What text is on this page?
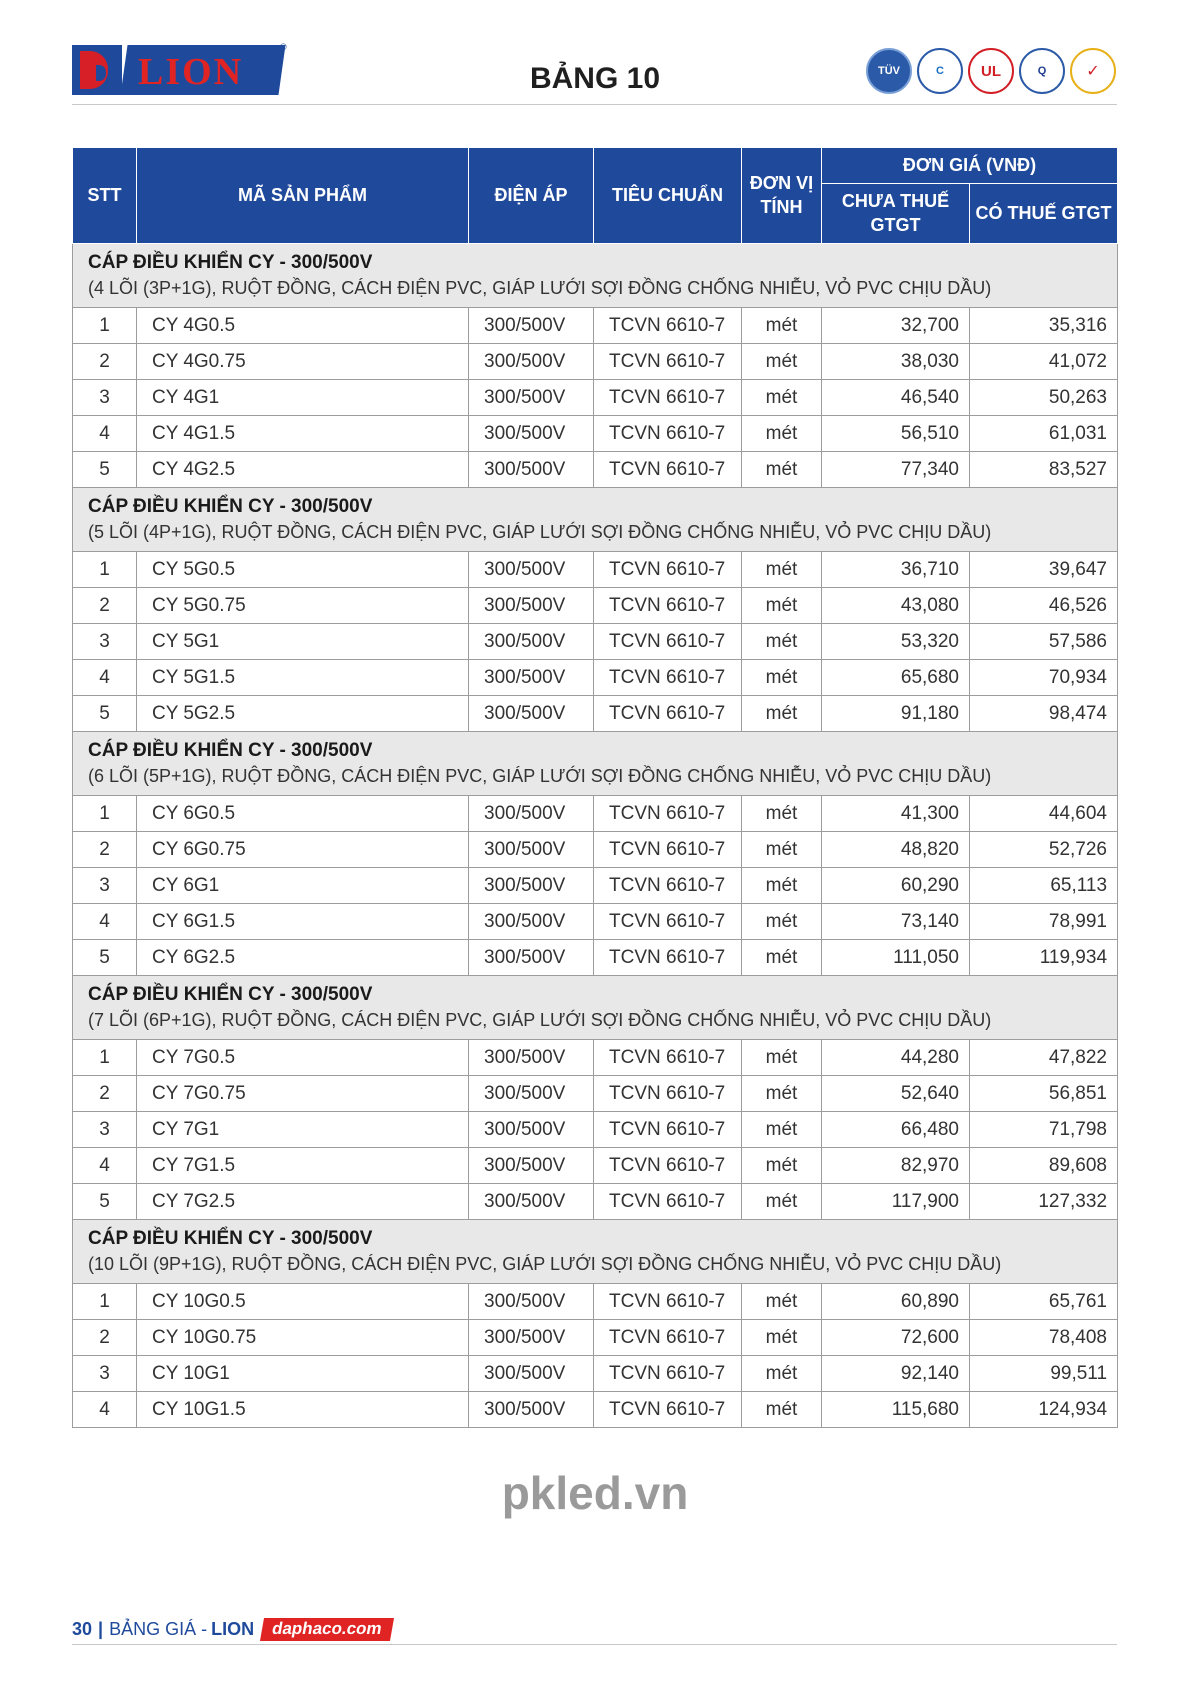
LION
®
BẢNG 10	TÜV	C	UL	Q	✓
STT	MÃ SẢN PHẨM	ĐIỆN ÁP	TIÊU CHUẨN	ĐƠN VỊ TÍNH	ĐƠN GIÁ (VNĐ)	
					CHƯA THUẾ GTGT	CÓ THUẾ GTGT

CÁP ĐIỀU KHIỂN CY - 300/500V
(4 LÕI (3P+1G), RUỘT ĐỒNG, CÁCH ĐIỆN PVC, GIÁP LƯỚI SỢI ĐỒNG CHỐNG NHIỄU, VỎ PVC CHỊU DẦU)						

1	CY 4G0.5	300/500V	TCVN 6610-7	mét	32,700	35,316
2	CY 4G0.75	300/500V	TCVN 6610-7	mét	38,030	41,072
3	CY 4G1	300/500V	TCVN 6610-7	mét	46,540	50,263
4	CY 4G1.5	300/500V	TCVN 6610-7	mét	56,510	61,031
5	CY 4G2.5	300/500V	TCVN 6610-7	mét	77,340	83,527

CÁP ĐIỀU KHIỂN CY - 300/500V
(5 LÕI (4P+1G), RUỘT ĐỒNG, CÁCH ĐIỆN PVC, GIÁP LƯỚI SỢI ĐỒNG CHỐNG NHIỄU, VỎ PVC CHỊU DẦU)						

1	CY 5G0.5	300/500V	TCVN 6610-7	mét	36,710	39,647
2	CY 5G0.75	300/500V	TCVN 6610-7	mét	43,080	46,526
3	CY 5G1	300/500V	TCVN 6610-7	mét	53,320	57,586
4	CY 5G1.5	300/500V	TCVN 6610-7	mét	65,680	70,934
5	CY 5G2.5	300/500V	TCVN 6610-7	mét	91,180	98,474

CÁP ĐIỀU KHIỂN CY - 300/500V
(6 LÕI (5P+1G), RUỘT ĐỒNG, CÁCH ĐIỆN PVC, GIÁP LƯỚI SỢI ĐỒNG CHỐNG NHIỄU, VỎ PVC CHỊU DẦU)						

1	CY 6G0.5	300/500V	TCVN 6610-7	mét	41,300	44,604
2	CY 6G0.75	300/500V	TCVN 6610-7	mét	48,820	52,726
3	CY 6G1	300/500V	TCVN 6610-7	mét	60,290	65,113
4	CY 6G1.5	300/500V	TCVN 6610-7	mét	73,140	78,991
5	CY 6G2.5	300/500V	TCVN 6610-7	mét	111,050	119,934

CÁP ĐIỀU KHIỂN CY - 300/500V
(7 LÕI (6P+1G), RUỘT ĐỒNG, CÁCH ĐIỆN PVC, GIÁP LƯỚI SỢI ĐỒNG CHỐNG NHIỄU, VỎ PVC CHỊU DẦU)						

1	CY 7G0.5	300/500V	TCVN 6610-7	mét	44,280	47,822
2	CY 7G0.75	300/500V	TCVN 6610-7	mét	52,640	56,851
3	CY 7G1	300/500V	TCVN 6610-7	mét	66,480	71,798
4	CY 7G1.5	300/500V	TCVN 6610-7	mét	82,970	89,608
5	CY 7G2.5	300/500V	TCVN 6610-7	mét	117,900	127,332

CÁP ĐIỀU KHIỂN CY - 300/500V
(10 LÕI (9P+1G), RUỘT ĐỒNG, CÁCH ĐIỆN PVC, GIÁP LƯỚI SỢI ĐỒNG CHỐNG NHIỄU, VỎ PVC CHỊU DẦU)						

1	CY 10G0.5	300/500V	TCVN 6610-7	mét	60,890	65,761
2	CY 10G0.75	300/500V	TCVN 6610-7	mét	72,600	78,408
3	CY 10G1	300/500V	TCVN 6610-7	mét	92,140	99,511
4	CY 10G1.5	300/500V	TCVN 6610-7	mét	115,680	124,934
pkled.vn
30 | BẢNG GIÁ - LION daphaco.com
